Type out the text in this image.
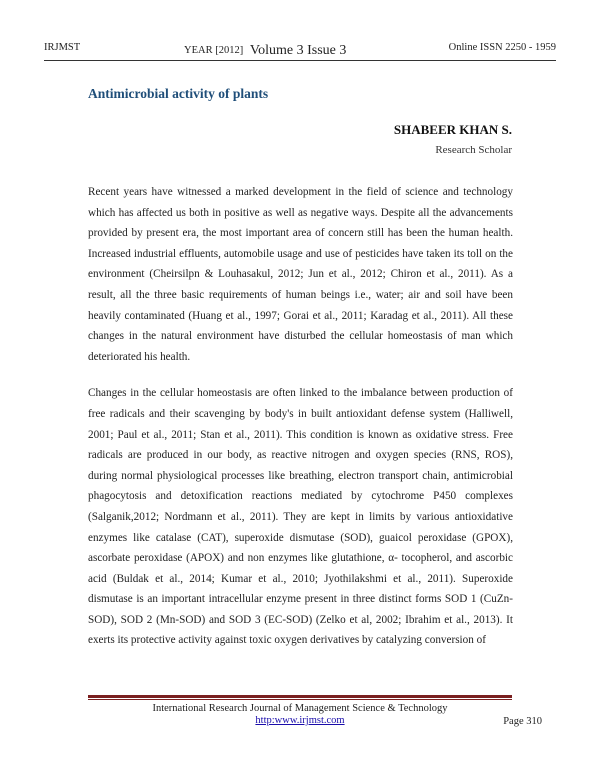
IRJMST	YEAR [2012] Volume 3 Issue 3	Online ISSN 2250 - 1959
Antimicrobial activity of plants
SHABEER KHAN S.
Research Scholar

Recent years have witnessed a marked development in the field of science and technology which has affected us both in positive as well as negative ways. Despite all the advancements provided by present era, the most important area of concern still has been the human health. Increased industrial effluents, automobile usage and use of pesticides have taken its toll on the environment (Cheirsilpn & Louhasakul, 2012; Jun et al., 2012; Chiron et al., 2011). As a result, all the three basic requirements of human beings i.e., water; air and soil have been heavily contaminated (Huang et al., 1997; Gorai et al., 2011; Karadag et al., 2011). All these changes in the natural environment have disturbed the cellular homeostasis of man which deteriorated his health.

Changes in the cellular homeostasis are often linked to the imbalance between production of free radicals and their scavenging by body's in built antioxidant defense system (Halliwell, 2001; Paul et al., 2011; Stan et al., 2011). This condition is known as oxidative stress. Free radicals are produced in our body, as reactive nitrogen and oxygen species (RNS, ROS), during normal physiological processes like breathing, electron transport chain, antimicrobial phagocytosis and detoxification reactions mediated by cytochrome P450 complexes (Salganik,2012; Nordmann et al., 2011). They are kept in limits by various antioxidative enzymes like catalase (CAT), superoxide dismutase (SOD), guaicol peroxidase (GPOX), ascorbate peroxidase (APOX) and non enzymes like glutathione, α- tocopherol, and ascorbic acid (Buldak et al., 2014; Kumar et al., 2010; Jyothilakshmi et al., 2011). Superoxide dismutase is an important intracellular enzyme present in three distinct forms SOD 1 (CuZn-SOD), SOD 2 (Mn-SOD) and SOD 3 (EC-SOD) (Zelko et al, 2002; Ibrahim et al., 2013). It exerts its protective activity against toxic oxygen derivatives by catalyzing conversion of

International Research Journal of Management Science & Technology
http:www.irjmst.com	Page 310
